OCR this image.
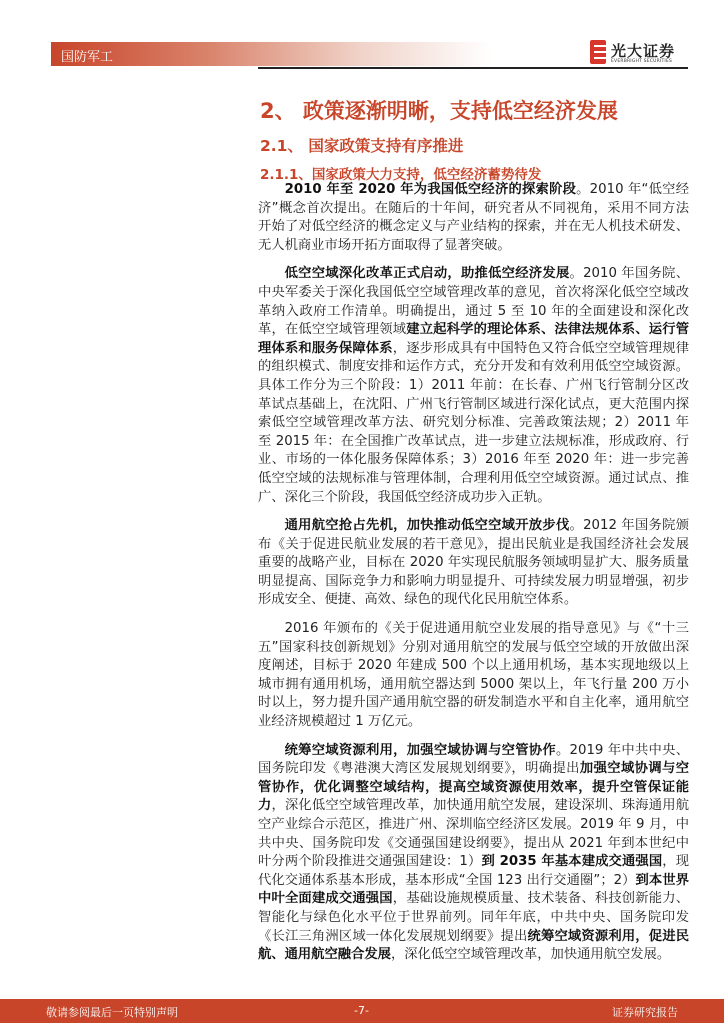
国防军工	光大证券
EVERBRIGHT SECURITIES
2、 政策逐渐明晰，支持低空经济发展
2.1、 国家政策支持有序推进
2.1.1、国家政策大力支持，低空经济蓄势待发

2010 年至 2020 年为我国低空经济的探索阶段。2010 年“低空经济”概念首次提出。在随后的十年间，研究者从不同视角，采用不同方法开始了对低空经济的概念定义与产业结构的探索，并在无人机技术研发、无人机商业市场开拓方面取得了显著突破。

低空空域深化改革正式启动，助推低空经济发展。2010 年国务院、中央军委关于深化我国低空空域管理改革的意见，首次将深化低空空域改革纳入政府工作清单。明确提出，通过 5 至 10 年的全面建设和深化改革，在低空空域管理领域建立起科学的理论体系、法律法规体系、运行管理体系和服务保障体系，逐步形成具有中国特色又符合低空空域管理规律的组织模式、制度安排和运作方式，充分开发和有效利用低空空域资源。具体工作分为三个阶段：1）2011 年前：在长春、广州飞行管制分区改革试点基础上，在沈阳、广州飞行管制区域进行深化试点，更大范围内探索低空空域管理改革方法、研究划分标准、完善政策法规；2）2011 年至 2015 年：在全国推广改革试点，进一步建立法规标准，形成政府、行业、市场的一体化服务保障体系；3）2016 年至 2020 年：进一步完善低空空域的法规标准与管理体制，合理利用低空空域资源。通过试点、推广、深化三个阶段，我国低空经济成功步入正轨。

通用航空抢占先机，加快推动低空空域开放步伐。2012 年国务院颁布《关于促进民航业发展的若干意见》，提出民航业是我国经济社会发展重要的战略产业，目标在 2020 年实现民航服务领域明显扩大、服务质量明显提高、国际竞争力和影响力明显提升、可持续发展力明显增强，初步形成安全、便捷、高效、绿色的现代化民用航空体系。

2016 年颁布的《关于促进通用航空业发展的指导意见》与《“十三五”国家科技创新规划》分别对通用航空的发展与低空空域的开放做出深度阐述，目标于 2020 年建成 500 个以上通用机场，基本实现地级以上城市拥有通用机场，通用航空器达到 5000 架以上，年飞行量 200 万小时以上，努力提升国产通用航空器的研发制造水平和自主化率，通用航空业经济规模超过 1 万亿元。

统筹空域资源利用，加强空域协调与空管协作。2019 年中共中央、国务院印发《粤港澳大湾区发展规划纲要》，明确提出加强空域协调与空管协作，优化调整空域结构，提高空域资源使用效率，提升空管保证能力，深化低空空域管理改革，加快通用航空发展，建设深圳、珠海通用航空产业综合示范区，推进广州、深圳临空经济区发展。2019 年 9 月，中共中央、国务院印发《交通强国建设纲要》，提出从 2021 年到本世纪中叶分两个阶段推进交通强国建设：1）到 2035 年基本建成交通强国，现代化交通体系基本形成，基本形成“全国 123 出行交通圈”；2）到本世界中叶全面建成交通强国，基础设施规模质量、技术装备、科技创新能力、智能化与绿色化水平位于世界前列。同年年底，中共中央、国务院印发《长江三角洲区域一体化发展规划纲要》提出统筹空域资源利用，促进民航、通用航空融合发展，深化低空空域管理改革，加快通用航空发展。

敬请参阅最后一页特别声明	-7-	证券研究报告
